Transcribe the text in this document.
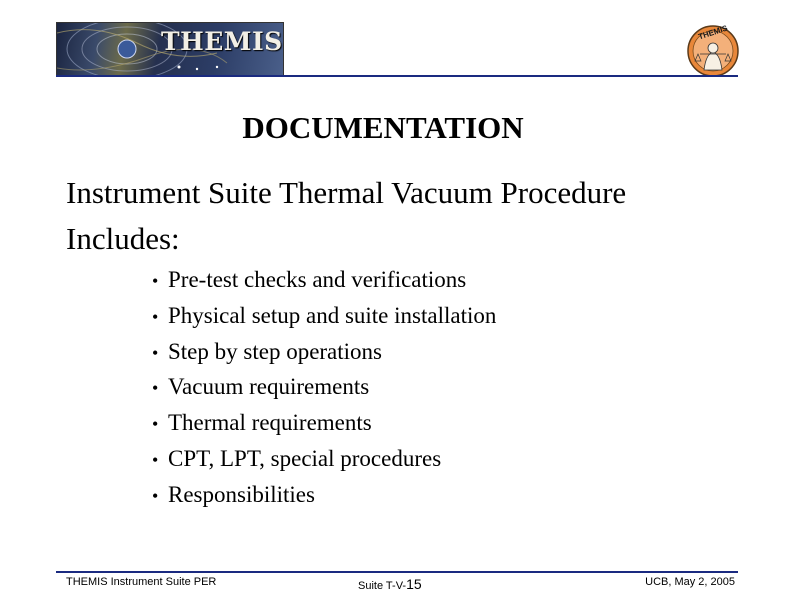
THEMIS	THEMIS
DOCUMENTATION
Instrument Suite Thermal Vacuum Procedure
Includes:
• Pre-test checks and verifications
• Physical setup and suite installation
• Step by step operations
• Vacuum requirements
• Thermal requirements
• CPT, LPT, special procedures
• Responsibilities
THEMIS Instrument Suite PER	Suite T-V-15	UCB, May 2, 2005
